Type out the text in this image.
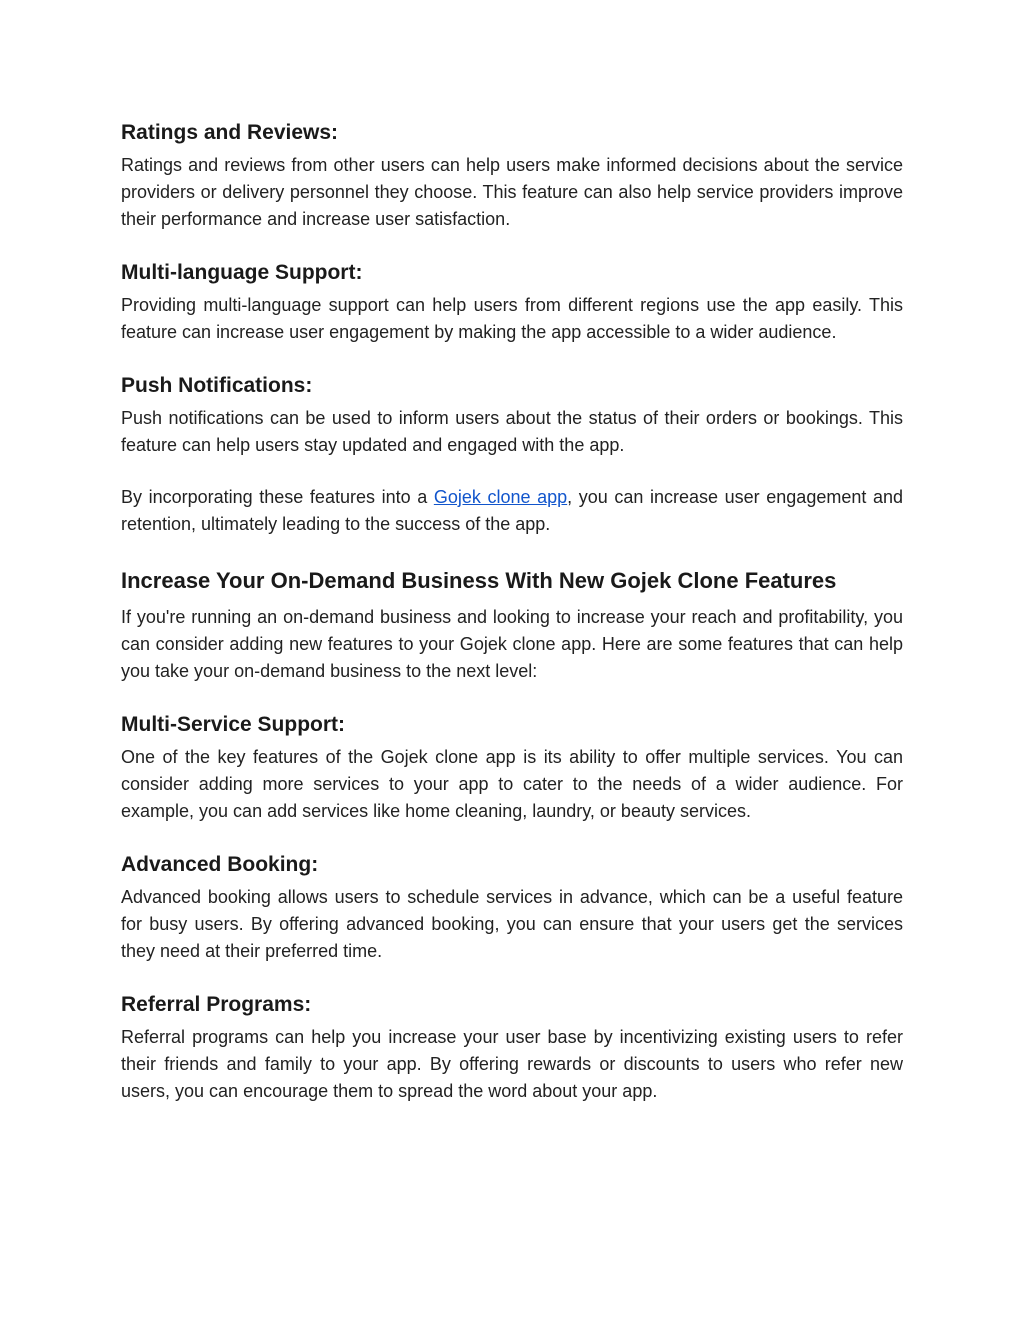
Ratings and Reviews:

Ratings and reviews from other users can help users make informed decisions about the service providers or delivery personnel they choose. This feature can also help service providers improve their performance and increase user satisfaction.

Multi-language Support:

Providing multi-language support can help users from different regions use the app easily. This feature can increase user engagement by making the app accessible to a wider audience.

Push Notifications:

Push notifications can be used to inform users about the status of their orders or bookings. This feature can help users stay updated and engaged with the app.

By incorporating these features into a Gojek clone app, you can increase user engagement and retention, ultimately leading to the success of the app.

Increase Your On-Demand Business With New Gojek Clone Features

If you're running an on-demand business and looking to increase your reach and profitability, you can consider adding new features to your Gojek clone app. Here are some features that can help you take your on-demand business to the next level:

Multi-Service Support:

One of the key features of the Gojek clone app is its ability to offer multiple services. You can consider adding more services to your app to cater to the needs of a wider audience. For example, you can add services like home cleaning, laundry, or beauty services.

Advanced Booking:

Advanced booking allows users to schedule services in advance, which can be a useful feature for busy users. By offering advanced booking, you can ensure that your users get the services they need at their preferred time.

Referral Programs:

Referral programs can help you increase your user base by incentivizing existing users to refer their friends and family to your app. By offering rewards or discounts to users who refer new users, you can encourage them to spread the word about your app.
